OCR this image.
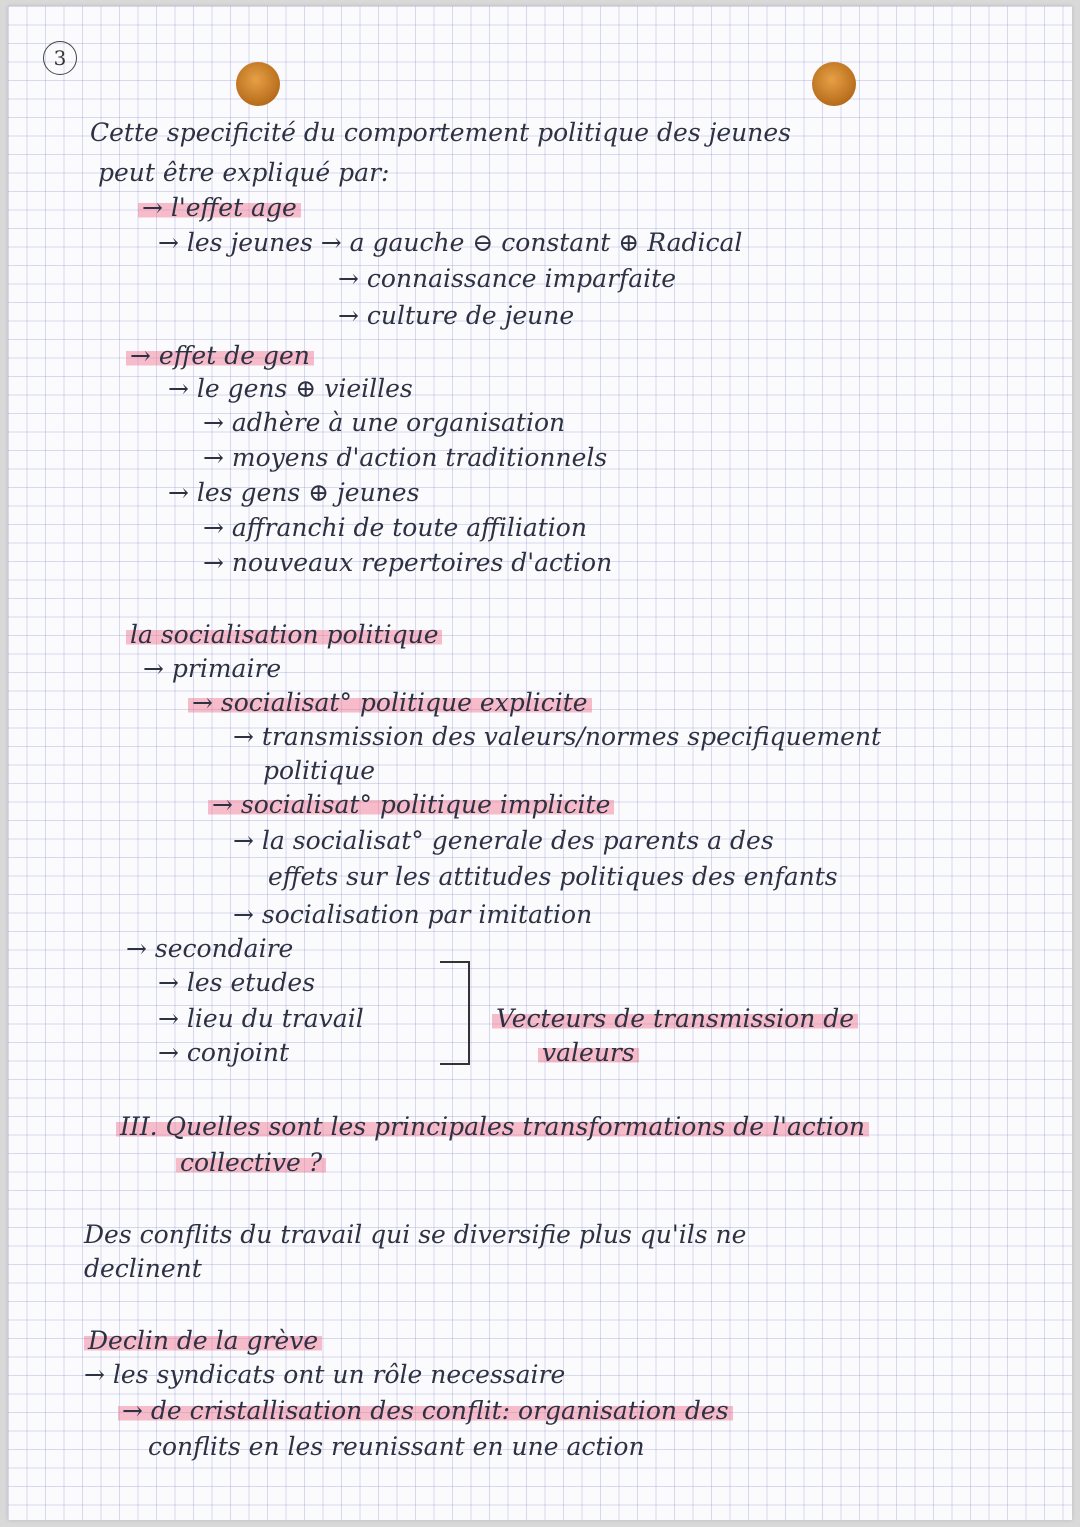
3
Cette specificité du comportement politique des jeunes
peut être expliqué par:
→ l'effet age
→ les jeunes → a gauche ⊖ constant ⊕ Radical
→ connaissance imparfaite
→ culture de jeune
→ effet de gen
→ le gens ⊕ vieilles
→ adhère à une organisation
→ moyens d'action traditionnels
→ les gens ⊕ jeunes
→ affranchi de toute affiliation
→ nouveaux repertoires d'action
la socialisation politique
→ primaire
→ socialisat° politique explicite
→ transmission des valeurs/normes specifiquement
politique
→ socialisat° politique implicite
→ la socialisat° generale des parents a des
effets sur les attitudes politiques des enfants
→ socialisation par imitation
→ secondaire
→ les etudes
→ lieu du travail
→ conjoint
Vecteurs de transmission de
valeurs
III. Quelles sont les principales transformations de l'action
collective ?
Des conflits du travail qui se diversifie plus qu'ils ne
declinent
Declin de la grève
→ les syndicats ont un rôle necessaire
→ de cristallisation des conflit: organisation des
conflits en les reunissant en une action
